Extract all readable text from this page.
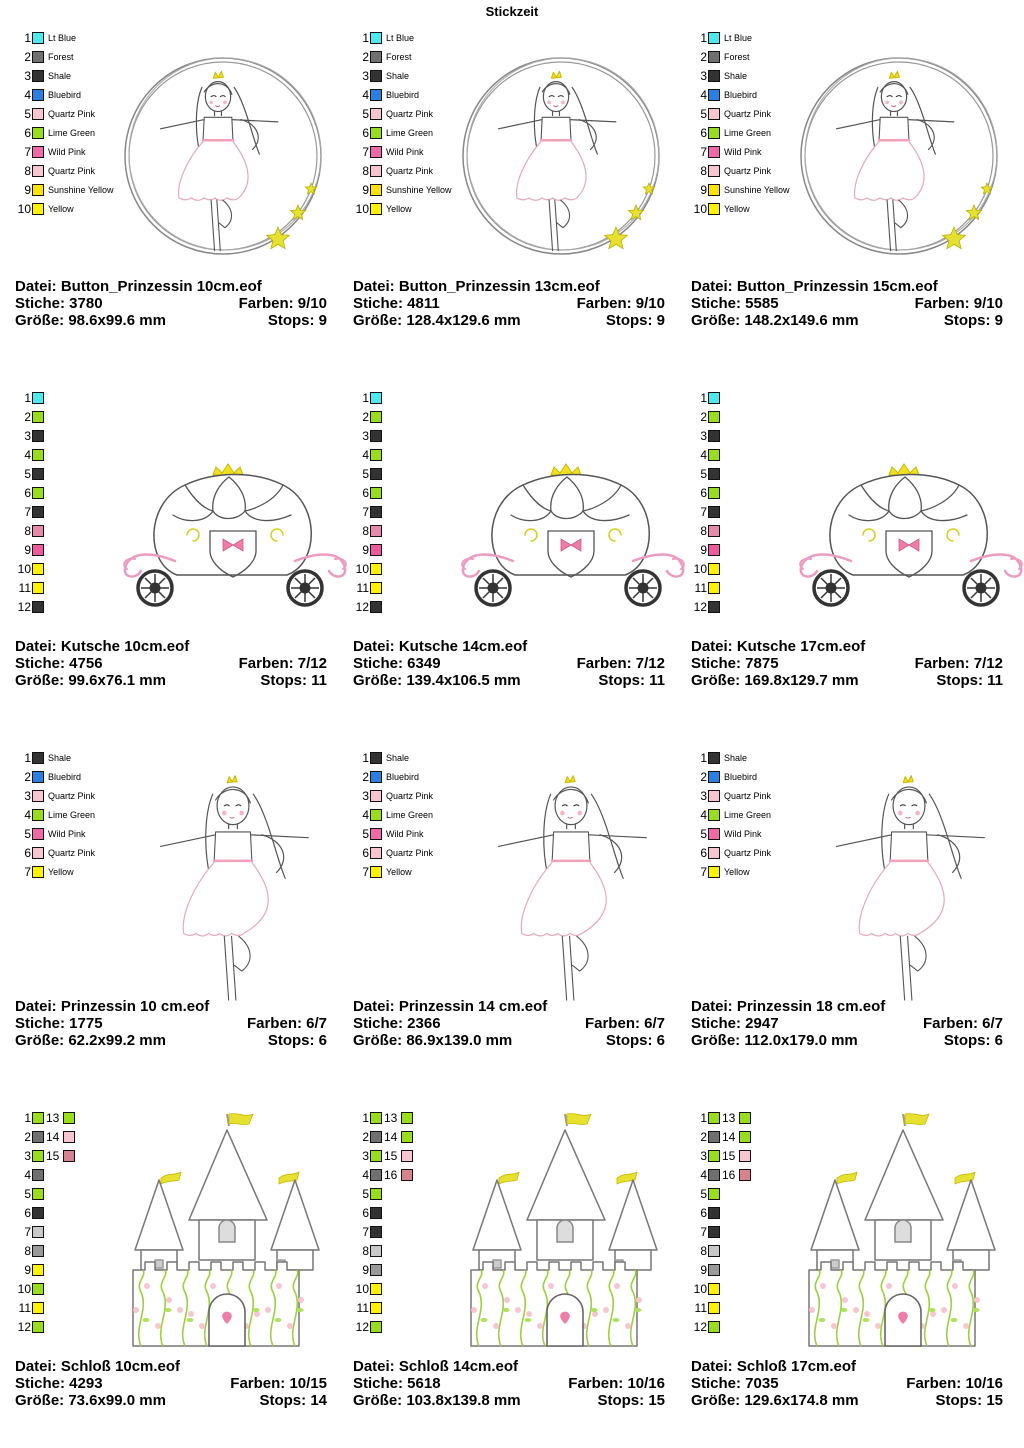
Stickzeit
1 Lt Blue
2 Forest
3 Shale
4 Bluebird
5 Quartz Pink
6 Lime Green
7 Wild Pink
8 Quartz Pink
9 Sunshine Yellow
10 Yellow
Datei: Button_Prinzessin 10cm.eof
Stiche: 3780	Farben: 9/10
Größe: 98.6x99.6 mm	Stops: 9
1 Lt Blue
2 Forest
3 Shale
4 Bluebird
5 Quartz Pink
6 Lime Green
7 Wild Pink
8 Quartz Pink
9 Sunshine Yellow
10 Yellow
Datei: Button_Prinzessin 13cm.eof
Stiche: 4811	Farben: 9/10
Größe: 128.4x129.6 mm	Stops: 9
1 Lt Blue
2 Forest
3 Shale
4 Bluebird
5 Quartz Pink
6 Lime Green
7 Wild Pink
8 Quartz Pink
9 Sunshine Yellow
10 Yellow
Datei: Button_Prinzessin 15cm.eof
Stiche: 5585	Farben: 9/10
Größe: 148.2x149.6 mm	Stops: 9
1
2
3
4
5
6
7
8
9
10
11
12
Datei: Kutsche 10cm.eof
Stiche: 4756	Farben: 7/12
Größe: 99.6x76.1 mm	Stops: 11
1
2
3
4
5
6
7
8
9
10
11
12
Datei: Kutsche 14cm.eof
Stiche: 6349	Farben: 7/12
Größe: 139.4x106.5 mm	Stops: 11
1
2
3
4
5
6
7
8
9
10
11
12
Datei: Kutsche 17cm.eof
Stiche: 7875	Farben: 7/12
Größe: 169.8x129.7 mm	Stops: 11
1 Shale
2 Bluebird
3 Quartz Pink
4 Lime Green
5 Wild Pink
6 Quartz Pink
7 Yellow
Datei: Prinzessin 10 cm.eof
Stiche: 1775	Farben: 6/7
Größe: 62.2x99.2 mm	Stops: 6
1 Shale
2 Bluebird
3 Quartz Pink
4 Lime Green
5 Wild Pink
6 Quartz Pink
7 Yellow
Datei: Prinzessin 14 cm.eof
Stiche: 2366	Farben: 6/7
Größe: 86.9x139.0 mm	Stops: 6
1 Shale
2 Bluebird
3 Quartz Pink
4 Lime Green
5 Wild Pink
6 Quartz Pink
7 Yellow
Datei: Prinzessin 18 cm.eof
Stiche: 2947	Farben: 6/7
Größe: 112.0x179.0 mm	Stops: 6
1 13
2 14
3 15
4
5
6
7
8
9
10
11
12
Datei: Schloß 10cm.eof
Stiche: 4293	Farben: 10/15
Größe: 73.6x99.0 mm	Stops: 14
1 13
2 14
3 15
4 16
5
6
7
8
9
10
11
12
Datei: Schloß 14cm.eof
Stiche: 5618	Farben: 10/16
Größe: 103.8x139.8 mm	Stops: 15
1 13
2 14
3 15
4 16
5
6
7
8
9
10
11
12
Datei: Schloß 17cm.eof
Stiche: 7035	Farben: 10/16
Größe: 129.6x174.8 mm	Stops: 15
